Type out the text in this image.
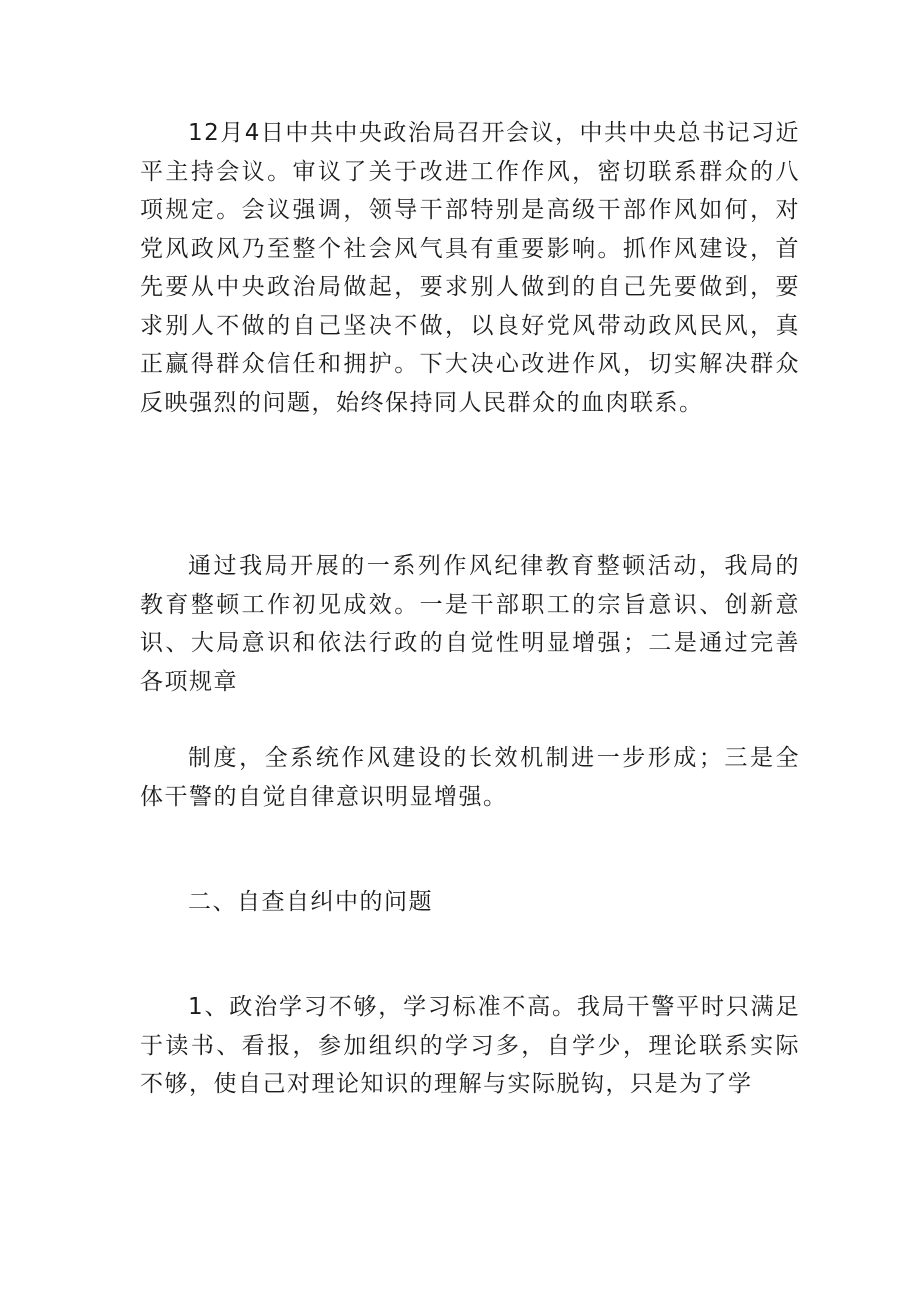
12月4日中共中央政治局召开会议，中共中央总书记习近平主持会议。审议了关于改进工作作风，密切联系群众的八项规定。会议强调，领导干部特别是高级干部作风如何，对党风政风乃至整个社会风气具有重要影响。抓作风建设，首先要从中央政治局做起，要求别人做到的自己先要做到，要求别人不做的自己坚决不做，以良好党风带动政风民风，真正赢得群众信任和拥护。下大决心改进作风，切实解决群众反映强烈的问题，始终保持同人民群众的血肉联系。

通过我局开展的一系列作风纪律教育整顿活动，我局的教育整顿工作初见成效。一是干部职工的宗旨意识、创新意识、大局意识和依法行政的自觉性明显增强；二是通过完善各项规章

制度，全系统作风建设的长效机制进一步形成；三是全体干警的自觉自律意识明显增强。

二、自查自纠中的问题

1、政治学习不够，学习标准不高。我局干警平时只满足于读书、看报，参加组织的学习多，自学少，理论联系实际不够，使自己对理论知识的理解与实际脱钩，只是为了学
